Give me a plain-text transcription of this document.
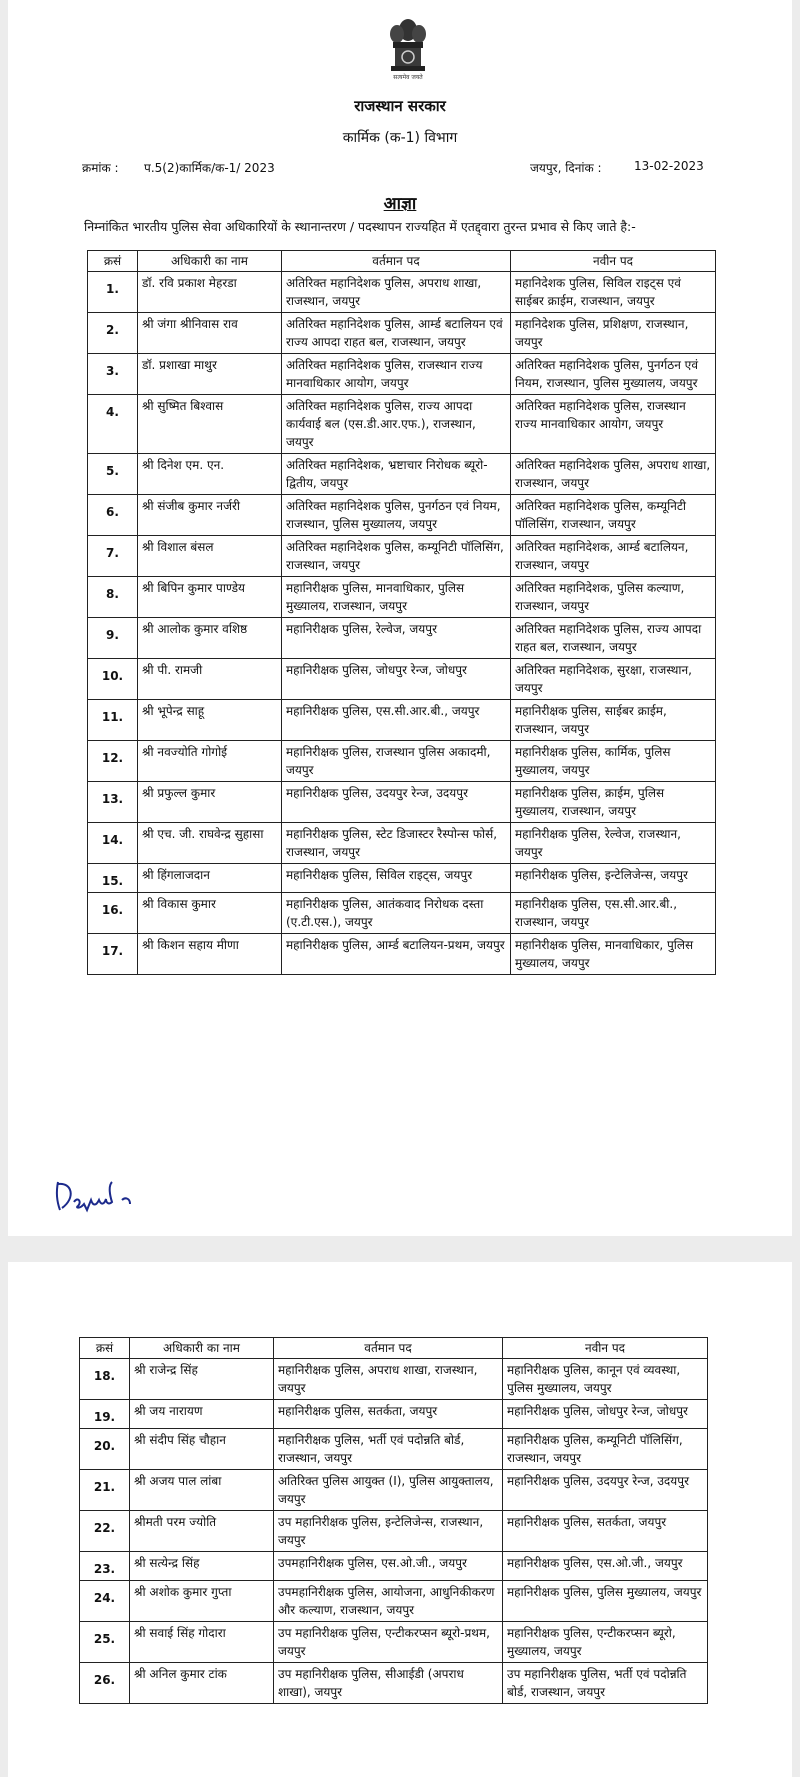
सत्यमेव जयते
राजस्थान सरकार
कार्मिक (क-1) विभाग
क्रमांक : प.5(2)कार्मिक/क-1/ 2023	जयपुर, दिनांक :	13-02-2023
आज्ञा
निम्नांकित भारतीय पुलिस सेवा अधिकारियों के स्थानान्तरण / पदस्थापन राज्यहित में एतद्द्वारा तुरन्त प्रभाव से किए जाते है:-
क्रसं	अधिकारी का नाम	वर्तमान पद	नवीन पद
1.	डॉ. रवि प्रकाश मेहरडा	अतिरिक्त महानिदेशक पुलिस, अपराध शाखा, राजस्थान, जयपुर	महानिदेशक पुलिस, सिविल राइट्स एवं साईबर क्राईम, राजस्थान, जयपुर
2.	श्री जंगा श्रीनिवास राव	अतिरिक्त महानिदेशक पुलिस, आर्म्ड बटालियन एवं राज्य आपदा राहत बल, राजस्थान, जयपुर	महानिदेशक पुलिस, प्रशिक्षण, राजस्थान, जयपुर
3.	डॉ. प्रशाखा माथुर	अतिरिक्त महानिदेशक पुलिस, राजस्थान राज्य मानवाधिकार आयोग, जयपुर	अतिरिक्त महानिदेशक पुलिस, पुनर्गठन एवं नियम, राजस्थान, पुलिस मुख्यालय, जयपुर
4.	श्री सुष्मित बिश्वास	अतिरिक्त महानिदेशक पुलिस, राज्य आपदा कार्यवाई बल (एस.डी.आर.एफ.), राजस्थान, जयपुर	अतिरिक्त महानिदेशक पुलिस, राजस्थान राज्य मानवाधिकार आयोग, जयपुर
5.	श्री दिनेश एम. एन.	अतिरिक्त महानिदेशक, भ्रष्टाचार निरोधक ब्यूरो-द्वितीय, जयपुर	अतिरिक्त महानिदेशक पुलिस, अपराध शाखा, राजस्थान, जयपुर
6.	श्री संजीब कुमार नर्जरी	अतिरिक्त महानिदेशक पुलिस, पुनर्गठन एवं नियम, राजस्थान, पुलिस मुख्यालय, जयपुर	अतिरिक्त महानिदेशक पुलिस, कम्यूनिटी पॉलिसिंग, राजस्थान, जयपुर
7.	श्री विशाल बंसल	अतिरिक्त महानिदेशक पुलिस, कम्यूनिटी पॉलिसिंग, राजस्थान, जयपुर	अतिरिक्त महानिदेशक, आर्म्ड बटालियन, राजस्थान, जयपुर
8.	श्री बिपिन कुमार पाण्डेय	महानिरीक्षक पुलिस, मानवाधिकार, पुलिस मुख्यालय, राजस्थान, जयपुर	अतिरिक्त महानिदेशक, पुलिस कल्याण, राजस्थान, जयपुर
9.	श्री आलोक कुमार वशिष्ठ	महानिरीक्षक पुलिस, रेल्वेज, जयपुर	अतिरिक्त महानिदेशक पुलिस, राज्य आपदा राहत बल, राजस्थान, जयपुर
10.	श्री पी. रामजी	महानिरीक्षक पुलिस, जोधपुर रेन्ज, जोधपुर	अतिरिक्त महानिदेशक, सुरक्षा, राजस्थान, जयपुर
11.	श्री भूपेन्द्र साहू	महानिरीक्षक पुलिस, एस.सी.आर.बी., जयपुर	महानिरीक्षक पुलिस, साईबर क्राईम, राजस्थान, जयपुर
12.	श्री नवज्योति गोगोई	महानिरीक्षक पुलिस, राजस्थान पुलिस अकादमी, जयपुर	महानिरीक्षक पुलिस, कार्मिक, पुलिस मुख्यालय, जयपुर
13.	श्री प्रफुल्ल कुमार	महानिरीक्षक पुलिस, उदयपुर रेन्ज, उदयपुर	महानिरीक्षक पुलिस, क्राईम, पुलिस मुख्यालय, राजस्थान, जयपुर
14.	श्री एच. जी. राघवेन्द्र सुहासा	महानिरीक्षक पुलिस, स्टेट डिजास्टर रैस्पोन्स फोर्स, राजस्थान, जयपुर	महानिरीक्षक पुलिस, रेल्वेज, राजस्थान, जयपुर
15.	श्री हिंगलाजदान	महानिरीक्षक पुलिस, सिविल राइट्स, जयपुर	महानिरीक्षक पुलिस, इन्टेलिजेन्स, जयपुर
16.	श्री विकास कुमार	महानिरीक्षक पुलिस, आतंकवाद निरोधक दस्ता (ए.टी.एस.), जयपुर	महानिरीक्षक पुलिस, एस.सी.आर.बी., राजस्थान, जयपुर
17.	श्री किशन सहाय मीणा	महानिरीक्षक पुलिस, आर्म्ड बटालियन-प्रथम, जयपुर	महानिरीक्षक पुलिस, मानवाधिकार, पुलिस मुख्यालय, जयपुर
क्रसं	अधिकारी का नाम	वर्तमान पद	नवीन पद
18.	श्री राजेन्द्र सिंह	महानिरीक्षक पुलिस, अपराध शाखा, राजस्थान, जयपुर	महानिरीक्षक पुलिस, कानून एवं व्यवस्था, पुलिस मुख्यालय, जयपुर
19.	श्री जय नारायण	महानिरीक्षक पुलिस, सतर्कता, जयपुर	महानिरीक्षक पुलिस, जोधपुर रेन्ज, जोधपुर
20.	श्री संदीप सिंह चौहान	महानिरीक्षक पुलिस, भर्ती एवं पदोन्नति बोर्ड, राजस्थान, जयपुर	महानिरीक्षक पुलिस, कम्यूनिटी पॉलिसिंग, राजस्थान, जयपुर
21.	श्री अजय पाल लांबा	अतिरिक्त पुलिस आयुक्त (I), पुलिस आयुक्तालय, जयपुर	महानिरीक्षक पुलिस, उदयपुर रेन्ज, उदयपुर
22.	श्रीमती परम ज्योति	उप महानिरीक्षक पुलिस, इन्टेलिजेन्स, राजस्थान, जयपुर	महानिरीक्षक पुलिस, सतर्कता, जयपुर
23.	श्री सत्येन्द्र सिंह	उपमहानिरीक्षक पुलिस, एस.ओ.जी., जयपुर	महानिरीक्षक पुलिस, एस.ओ.जी., जयपुर
24.	श्री अशोक कुमार गुप्ता	उपमहानिरीक्षक पुलिस, आयोजना, आधुनिकीकरण और कल्याण, राजस्थान, जयपुर	महानिरीक्षक पुलिस, पुलिस मुख्यालय, जयपुर
25.	श्री सवाई सिंह गोदारा	उप महानिरीक्षक पुलिस, एन्टीकरप्सन ब्यूरो-प्रथम, जयपुर	महानिरीक्षक पुलिस, एन्टीकरप्सन ब्यूरो, मुख्यालय, जयपुर
26.	श्री अनिल कुमार टांक	उप महानिरीक्षक पुलिस, सीआईडी (अपराध शाखा), जयपुर	उप महानिरीक्षक पुलिस, भर्ती एवं पदोन्नति बोर्ड, राजस्थान, जयपुर
